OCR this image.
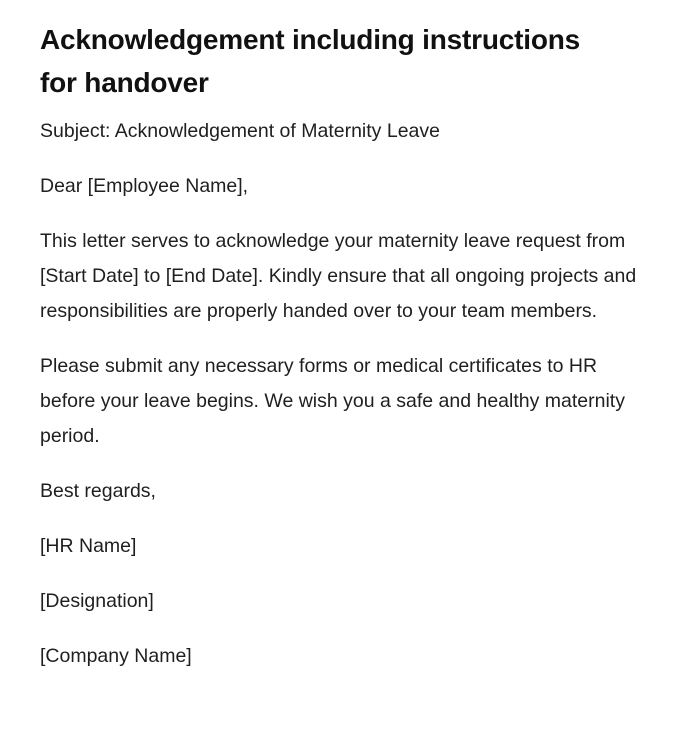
Acknowledgement including instructions for handover

Subject: Acknowledgement of Maternity Leave

Dear [Employee Name],

This letter serves to acknowledge your maternity leave request from [Start Date] to [End Date]. Kindly ensure that all ongoing projects and responsibilities are properly handed over to your team members.

Please submit any necessary forms or medical certificates to HR before your leave begins. We wish you a safe and healthy maternity period.

Best regards,

[HR Name]

[Designation]

[Company Name]
